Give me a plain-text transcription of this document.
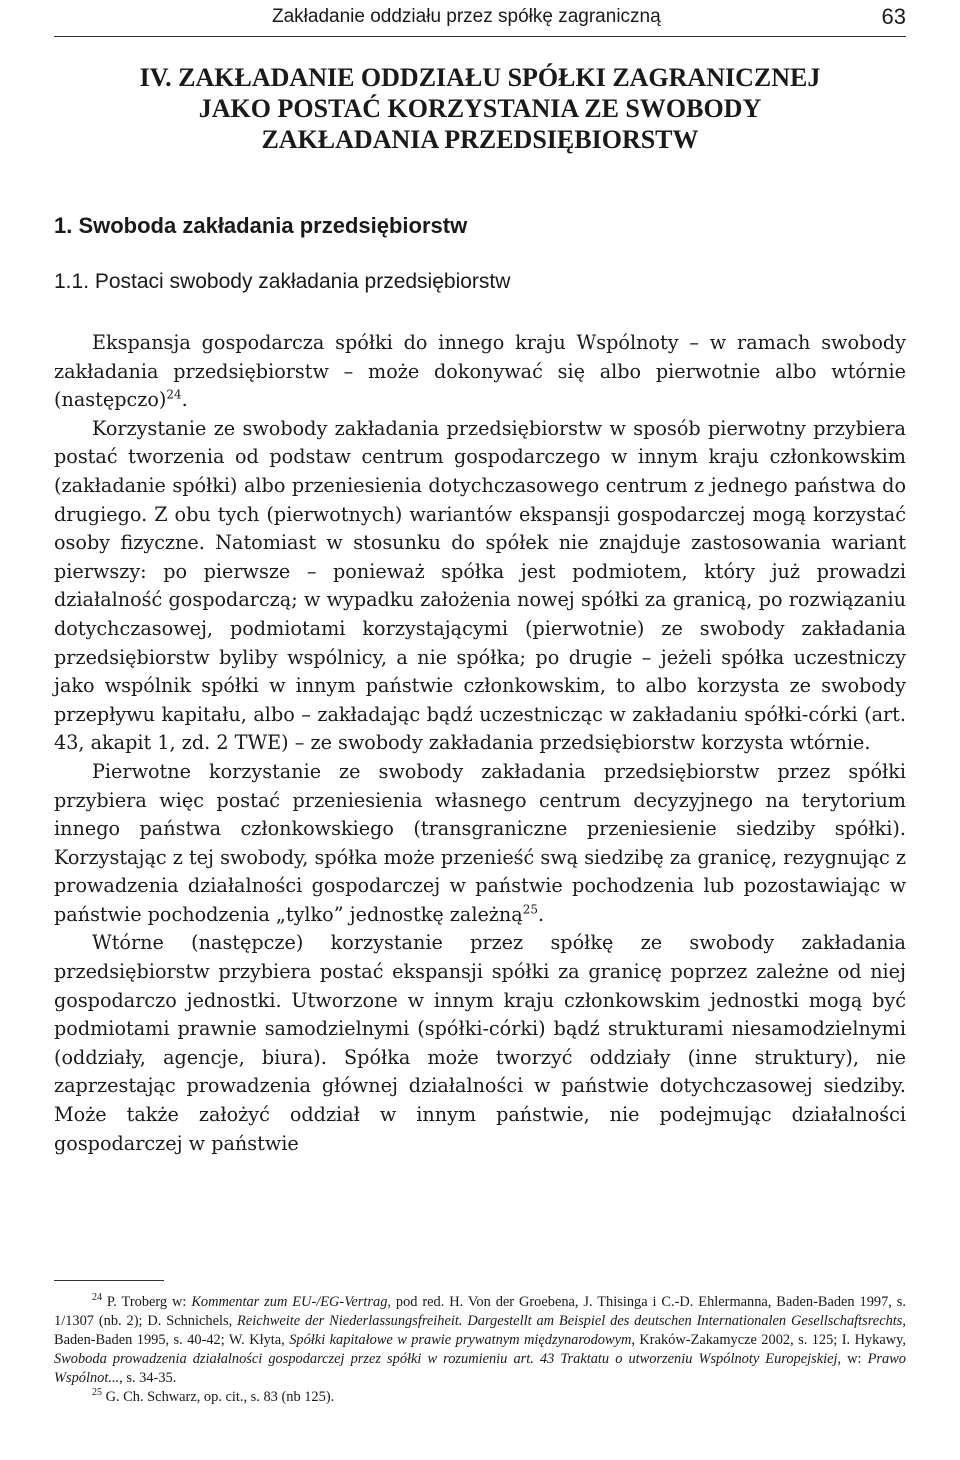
Zakładanie oddziału przez spółkę zagraniczną	63
IV. ZAKŁADANIE ODDZIAŁU SPÓŁKI ZAGRANICZNEJ
JAKO POSTAĆ KORZYSTANIA ZE SWOBODY
ZAKŁADANIA PRZEDSIĘBIORSTW
1. Swoboda zakładania przedsiębiorstw
1.1. Postaci swobody zakładania przedsiębiorstw

Ekspansja gospodarcza spółki do innego kraju Wspólnoty – w ramach swobody zakładania przedsiębiorstw – może dokonywać się albo pierwotnie albo wtórnie (następczo)$^{24}$.

Korzystanie ze swobody zakładania przedsiębiorstw w sposób pierwotny przybiera postać tworzenia od podstaw centrum gospodarczego w innym kraju członkowskim (zakładanie spółki) albo przeniesienia dotychczasowego centrum z jednego państwa do drugiego. Z obu tych (pierwotnych) wariantów ekspansji gospodarczej mogą korzystać osoby fizyczne. Natomiast w stosunku do spółek nie znajduje zastosowania wariant pierwszy: po pierwsze – ponieważ spółka jest podmiotem, który już prowadzi działalność gospodarczą; w wypadku założenia nowej spółki za granicą, po rozwiązaniu dotychczasowej, podmiotami korzystającymi (pierwotnie) ze swobody zakładania przedsiębiorstw byliby wspólnicy, a nie spółka; po drugie – jeżeli spółka uczestniczy jako wspólnik spółki w innym państwie członkowskim, to albo korzysta ze swobody przepływu kapitału, albo – zakładając bądź uczestnicząc w zakładaniu spółki-córki (art. 43, akapit 1, zd. 2 TWE) – ze swobody zakładania przedsiębiorstw korzysta wtórnie.

Pierwotne korzystanie ze swobody zakładania przedsiębiorstw przez spółki przybiera więc postać przeniesienia własnego centrum decyzyjnego na terytorium innego państwa członkowskiego (transgraniczne przeniesienie siedziby spółki). Korzystając z tej swobody, spółka może przenieść swą siedzibę za granicę, rezygnując z prowadzenia działalności gospodarczej w państwie pochodzenia lub pozostawiając w państwie pochodzenia „tylko” jednostkę zależną$^{25}$.

Wtórne (następcze) korzystanie przez spółkę ze swobody zakładania przedsiębiorstw przybiera postać ekspansji spółki za granicę poprzez zależne od niej gospodarczo jednostki. Utworzone w innym kraju członkowskim jednostki mogą być podmiotami prawnie samodzielnymi (spółki-córki) bądź strukturami niesamodzielnymi (oddziały, agencje, biura). Spółka może tworzyć oddziały (inne struktury), nie zaprzestając prowadzenia głównej działalności w państwie dotychczasowej siedziby. Może także założyć oddział w innym państwie, nie podejmując działalności gospodarczej w państwie

$^{24}$ P. Troberg w: Kommentar zum EU-/EG-Vertrag, pod red. H. Von der Groebena, J. Thisinga i C.-D. Ehlermanna, Baden-Baden 1997, s. 1/1307 (nb. 2); D. Schnichels, Reichweite der Niederlassungsfreiheit. Dargestellt am Beispiel des deutschen Internationalen Gesellschaftsrechts, Baden-Baden 1995, s. 40-42; W. Kłyta, Spółki kapitałowe w prawie prywatnym międzynarodowym, Kraków-Zakamycze 2002, s. 125; I. Hykawy, Swoboda prowadzenia działalności gospodarczej przez spółki w rozumieniu art. 43 Traktatu o utworzeniu Wspólnoty Europejskiej, w: Prawo Wspólnot..., s. 34-35.

$^{25}$ G. Ch. Schwarz, op. cit., s. 83 (nb 125).
